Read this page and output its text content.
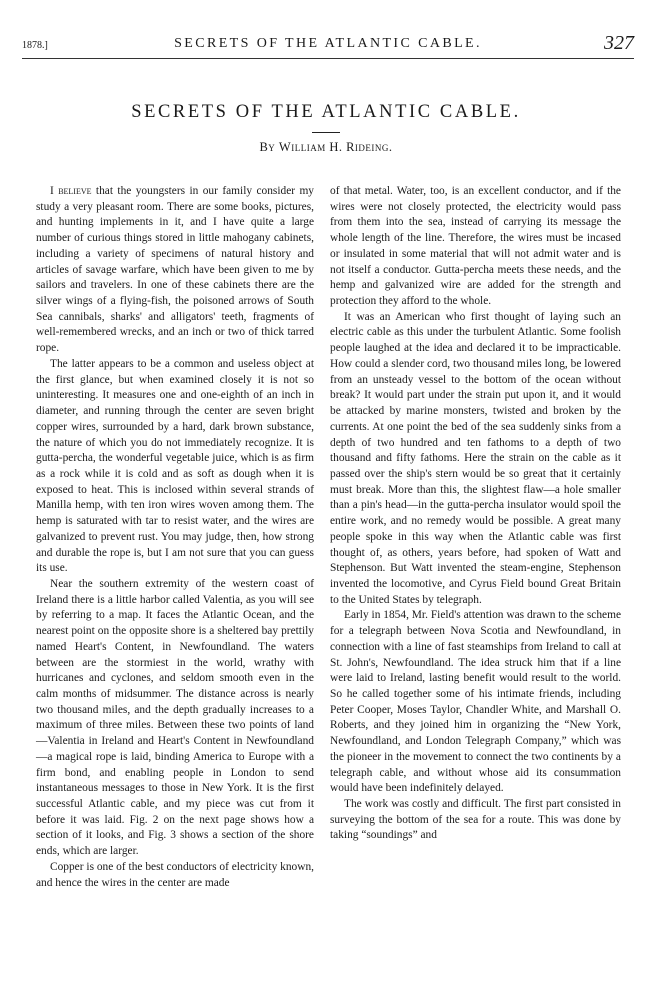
1878.]	SECRETS OF THE ATLANTIC CABLE.	327
SECRETS OF THE ATLANTIC CABLE.
By William H. Rideing.

I believe that the youngsters in our family consider my study a very pleasant room. There are some books, pictures, and hunting implements in it, and I have quite a large number of curious things stored in little mahogany cabinets, including a variety of specimens of natural history and articles of savage warfare, which have been given to me by sailors and travelers. In one of these cabinets there are the silver wings of a flying-fish, the poisoned arrows of South Sea cannibals, sharks' and alligators' teeth, fragments of well-remembered wrecks, and an inch or two of thick tarred rope.

The latter appears to be a common and useless object at the first glance, but when examined closely it is not so uninteresting. It measures one and one-eighth of an inch in diameter, and running through the center are seven bright copper wires, surrounded by a hard, dark brown substance, the nature of which you do not immediately recognize. It is gutta-percha, the wonderful vegetable juice, which is as firm as a rock while it is cold and as soft as dough when it is exposed to heat. This is inclosed within several strands of Manilla hemp, with ten iron wires woven among them. The hemp is saturated with tar to resist water, and the wires are galvanized to prevent rust. You may judge, then, how strong and durable the rope is, but I am not sure that you can guess its use.

Near the southern extremity of the western coast of Ireland there is a little harbor called Valentia, as you will see by referring to a map. It faces the Atlantic Ocean, and the nearest point on the opposite shore is a sheltered bay prettily named Heart's Content, in Newfoundland. The waters between are the stormiest in the world, wrathy with hurricanes and cyclones, and seldom smooth even in the calm months of midsummer. The distance across is nearly two thousand miles, and the depth gradually increases to a maximum of three miles. Between these two points of land—Valentia in Ireland and Heart's Content in Newfoundland—a magical rope is laid, binding America to Europe with a firm bond, and enabling people in London to send instantaneous messages to those in New York. It is the first successful Atlantic cable, and my piece was cut from it before it was laid. Fig. 2 on the next page shows how a section of it looks, and Fig. 3 shows a section of the shore ends, which are larger.

Copper is one of the best conductors of electricity known, and hence the wires in the center are made

of that metal. Water, too, is an excellent conductor, and if the wires were not closely protected, the electricity would pass from them into the sea, instead of carrying its message the whole length of the line. Therefore, the wires must be incased or insulated in some material that will not admit water and is not itself a conductor. Gutta-percha meets these needs, and the hemp and galvanized wire are added for the strength and protection they afford to the whole.

It was an American who first thought of laying such an electric cable as this under the turbulent Atlantic. Some foolish people laughed at the idea and declared it to be impracticable. How could a slender cord, two thousand miles long, be lowered from an unsteady vessel to the bottom of the ocean without break? It would part under the strain put upon it, and it would be attacked by marine monsters, twisted and broken by the currents. At one point the bed of the sea suddenly sinks from a depth of two hundred and ten fathoms to a depth of two thousand and fifty fathoms. Here the strain on the cable as it passed over the ship's stern would be so great that it certainly must break. More than this, the slightest flaw—a hole smaller than a pin's head—in the gutta-percha insulator would spoil the entire work, and no remedy would be possible. A great many people spoke in this way when the Atlantic cable was first thought of, as others, years before, had spoken of Watt and Stephenson. But Watt invented the steam-engine, Stephenson invented the locomotive, and Cyrus Field bound Great Britain to the United States by telegraph.

Early in 1854, Mr. Field's attention was drawn to the scheme for a telegraph between Nova Scotia and Newfoundland, in connection with a line of fast steamships from Ireland to call at St. John's, Newfoundland. The idea struck him that if a line were laid to Ireland, lasting benefit would result to the world. So he called together some of his intimate friends, including Peter Cooper, Moses Taylor, Chandler White, and Marshall O. Roberts, and they joined him in organizing the “New York, Newfoundland, and London Telegraph Company,” which was the pioneer in the movement to connect the two continents by a telegraph cable, and without whose aid its consummation would have been indefinitely delayed.

The work was costly and difficult. The first part consisted in surveying the bottom of the sea for a route. This was done by taking “soundings” and
